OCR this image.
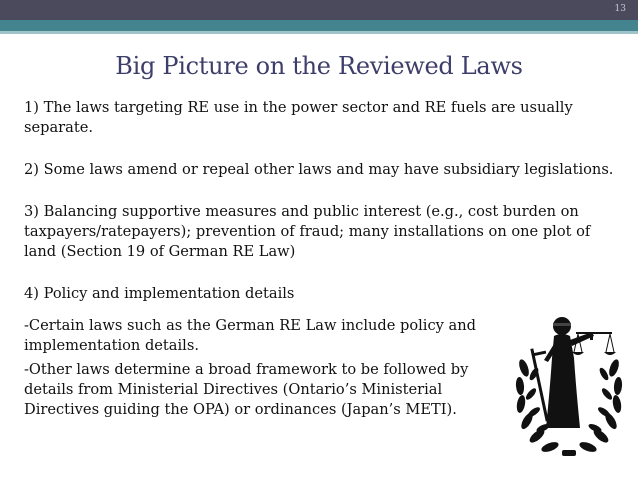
13
Big Picture on the Reviewed Laws

1) The laws targeting RE use in the power sector and RE fuels are usually separate.

2) Some laws amend or repeal other laws and may have subsidiary legislations.

3) Balancing supportive measures and public interest (e.g., cost burden on taxpayers/ratepayers); prevention of fraud; many installations on one plot of land (Section 19 of German RE Law)

4) Policy and implementation details

-Certain laws such as the German RE Law include policy and implementation details.

-Other laws determine a broad framework to be followed by details from Ministerial Directives (Ontario’s Ministerial Directives guiding the OPA) or ordinances (Japan’s METI).
